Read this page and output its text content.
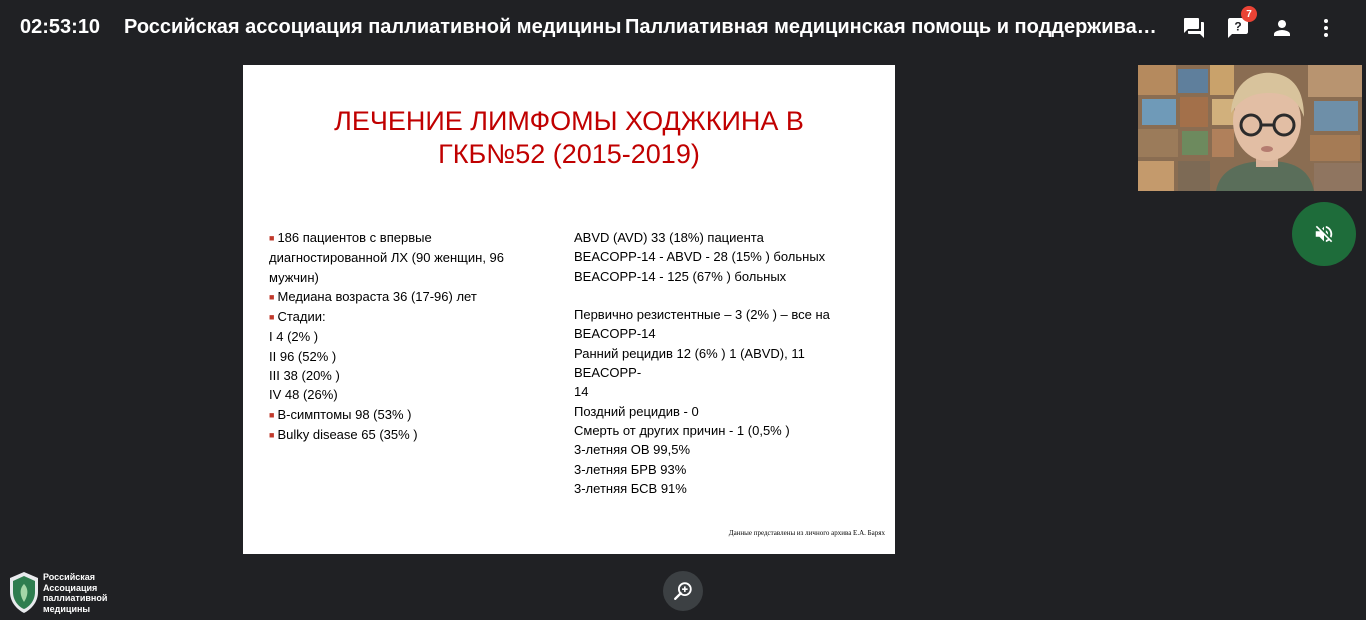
02:53:10 Российская ассоциация паллиативной медицины Паллиативная медицинская помощь и поддержива…	?
7
ЛЕЧЕНИЕ ЛИМФОМЫ ХОДЖКИНА В
ГКБ№52 (2015-2019)
■ 186 пациентов с впервые
диагностированной ЛХ (90 женщин, 96
мужчин)
■ Медиана возраста 36 (17-96) лет
■ Стадии:
I 4 (2% )
II 96 (52% )
III 38 (20% )
IV 48 (26%)
■ В-симптомы 98 (53% )
■ Bulky disease 65 (35% )
ABVD (AVD) 33 (18%) пациента
BEACOPP-14 - ABVD - 28 (15% ) больных
BEACOPP-14 - 125 (67% ) больных
Первично резистентные – 3 (2% ) – все на
BEACOPP-14
Ранний рецидив 12 (6% ) 1 (ABVD), 11 BEACOPP-
14
Поздний рецидив - 0
Смерть от других причин - 1 (0,5% )
3-летняя ОВ 99,5%
3-летняя БРВ 93%
3-летняя БСВ 91%
Данные представлены из личного архива Е.А. Барях
Российская
Ассоциация
паллиативной
медицины
